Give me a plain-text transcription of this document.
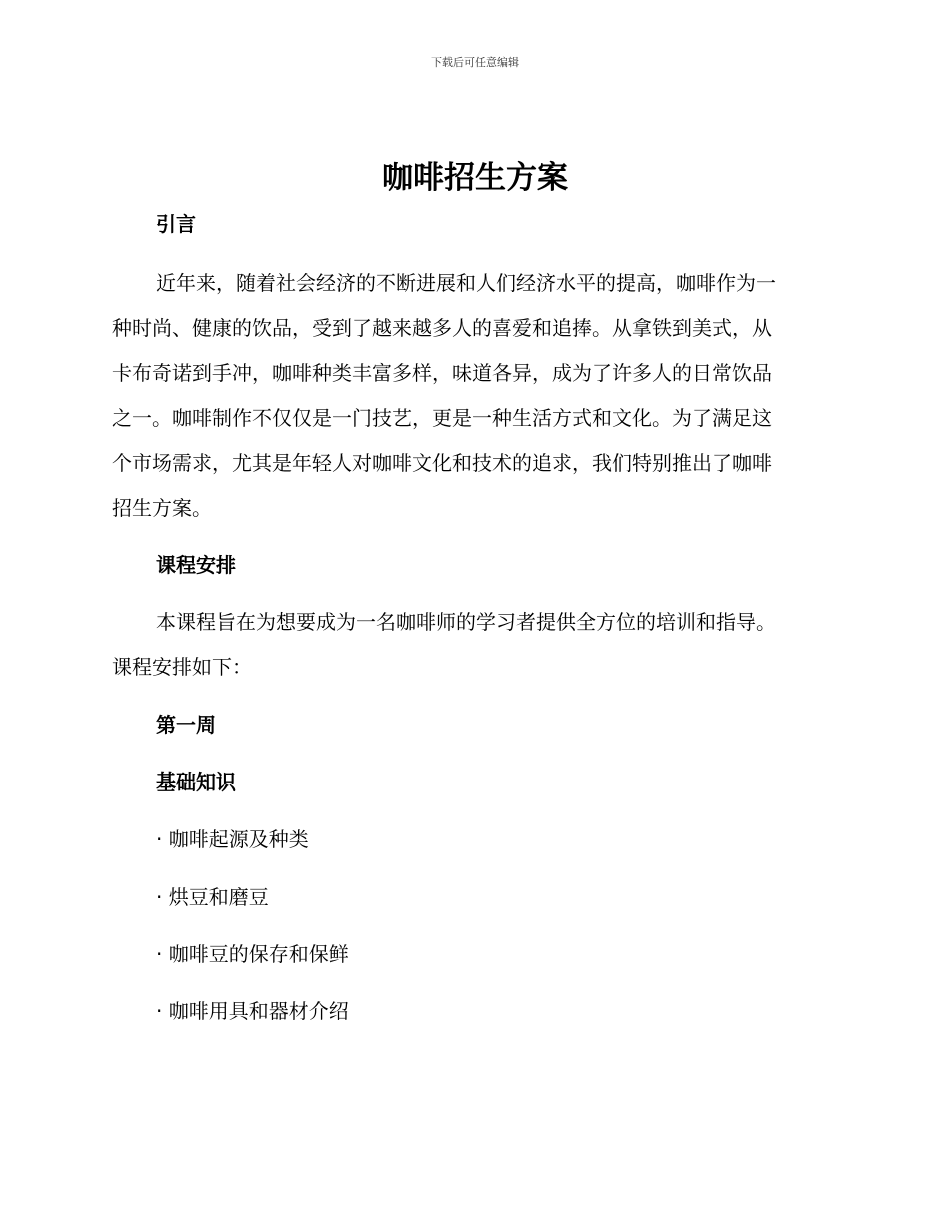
下载后可任意编辑
咖啡招生方案
引言
近年来，随着社会经济的不断进展和人们经济水平的提高，咖啡作为一
种时尚、健康的饮品，受到了越来越多人的喜爱和追捧。从拿铁到美式，从
卡布奇诺到手冲，咖啡种类丰富多样，味道各异，成为了许多人的日常饮品
之一。咖啡制作不仅仅是一门技艺，更是一种生活方式和文化。为了满足这
个市场需求，尤其是年轻人对咖啡文化和技术的追求，我们特别推出了咖啡
招生方案。
课程安排
本课程旨在为想要成为一名咖啡师的学习者提供全方位的培训和指导。
课程安排如下：
第一周
基础知识
· 咖啡起源及种类
· 烘豆和磨豆
· 咖啡豆的保存和保鲜
· 咖啡用具和器材介绍
